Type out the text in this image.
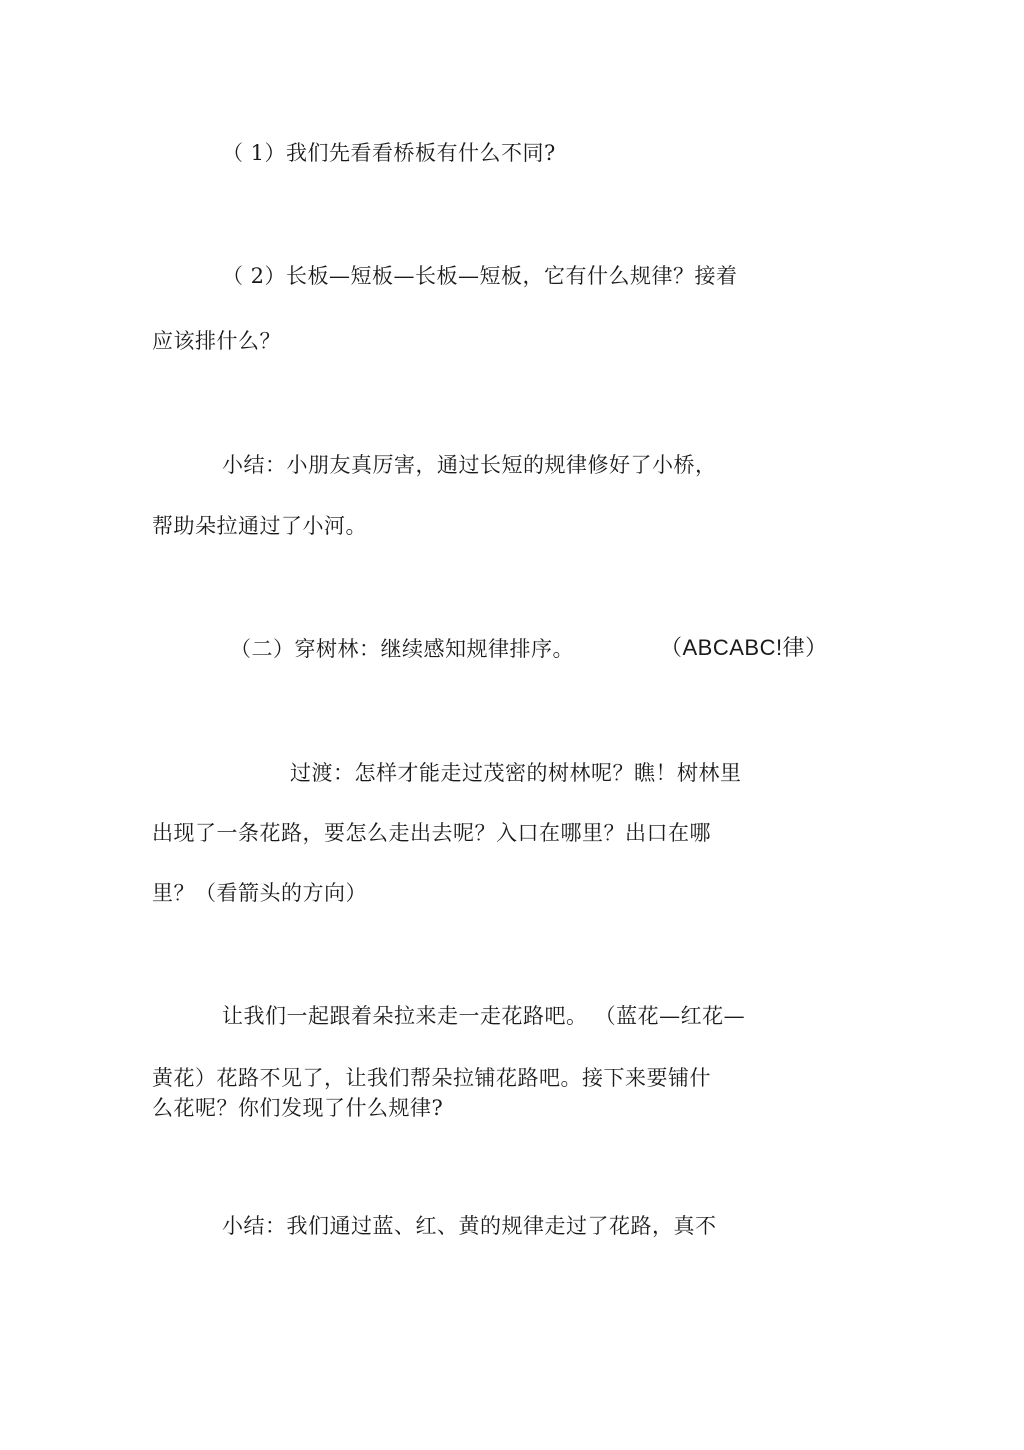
（ 1）我们先看看桥板有什么不同?
（ 2）长板—短板—长板—短板，它有什么规律？接着
应该排什么？
小结：小朋友真厉害，通过长短的规律修好了小桥，
帮助朵拉通过了小河。
（二）穿树林：继续感知规律排序。	（ABCABC!律）
过渡：怎样才能走过茂密的树林呢？瞧！树林里
出现了一条花路，要怎么走出去呢？入口在哪里？出口在哪
里？（看箭头的方向）
让我们一起跟着朵拉来走一走花路吧。 （蓝花—红花—
黄花）花路不见了，让我们帮朵拉铺花路吧。接下来要铺什
么花呢？你们发现了什么规律?
小结：我们通过蓝、红、黄的规律走过了花路，真不
